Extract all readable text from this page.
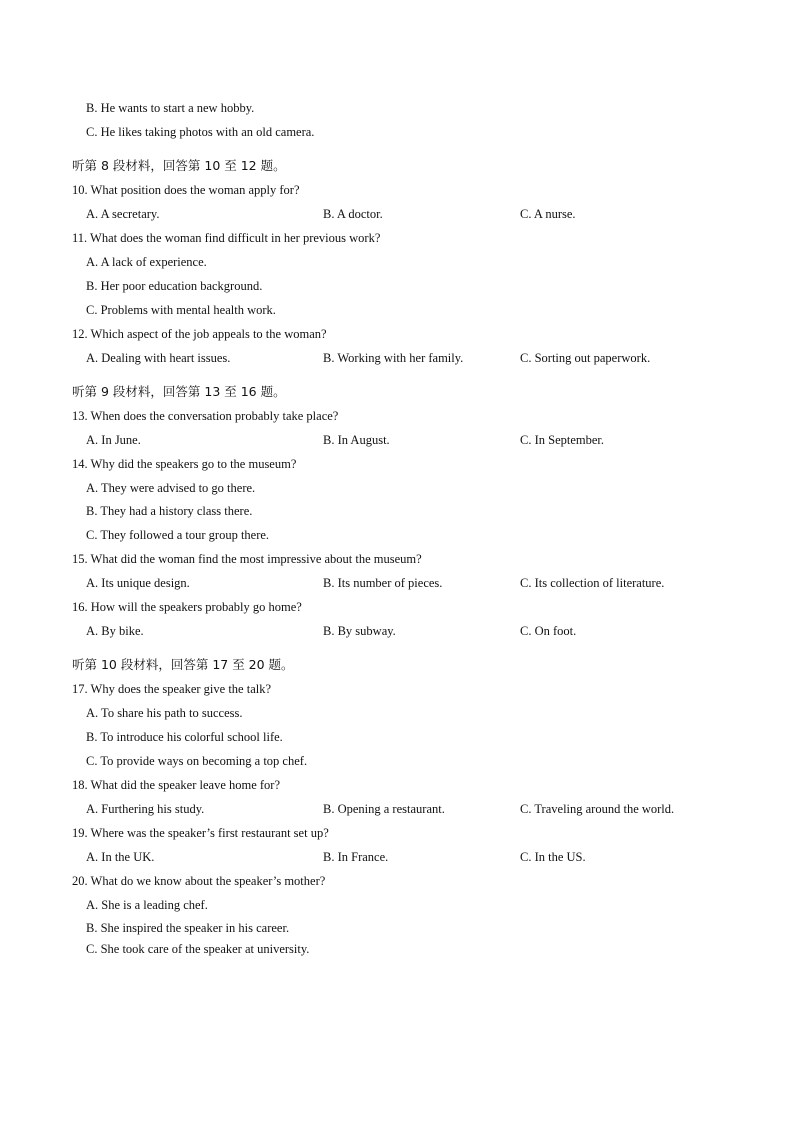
B. He wants to start a new hobby.
C. He likes taking photos with an old camera.
听第 8 段材料，回答第 10 至 12 题。
10. What position does the woman apply for?
A. A secretary.	B. A doctor.	C. A nurse.
11. What does the woman find difficult in her previous work?
A. A lack of experience.
B. Her poor education background.
C. Problems with mental health work.
12. Which aspect of the job appeals to the woman?
A. Dealing with heart issues.	B. Working with her family.	C. Sorting out paperwork.
听第 9 段材料，回答第 13 至 16 题。
13. When does the conversation probably take place?
A. In June.	B. In August.	C. In September.
14. Why did the speakers go to the museum?
A. They were advised to go there.
B. They had a history class there.
C. They followed a tour group there.
15. What did the woman find the most impressive about the museum?
A. Its unique design.	B. Its number of pieces.	C. Its collection of literature.
16. How will the speakers probably go home?
A. By bike.	B. By subway.	C. On foot.
听第 10 段材料，回答第 17 至 20 题。
17. Why does the speaker give the talk?
A. To share his path to success.
B. To introduce his colorful school life.
C. To provide ways on becoming a top chef.
18. What did the speaker leave home for?
A. Furthering his study.	B. Opening a restaurant.	C. Traveling around the world.
19. Where was the speaker’s first restaurant set up?
A. In the UK.	B. In France.	C. In the US.
20. What do we know about the speaker’s mother?
A. She is a leading chef.
B. She inspired the speaker in his career.
C. She took care of the speaker at university.
